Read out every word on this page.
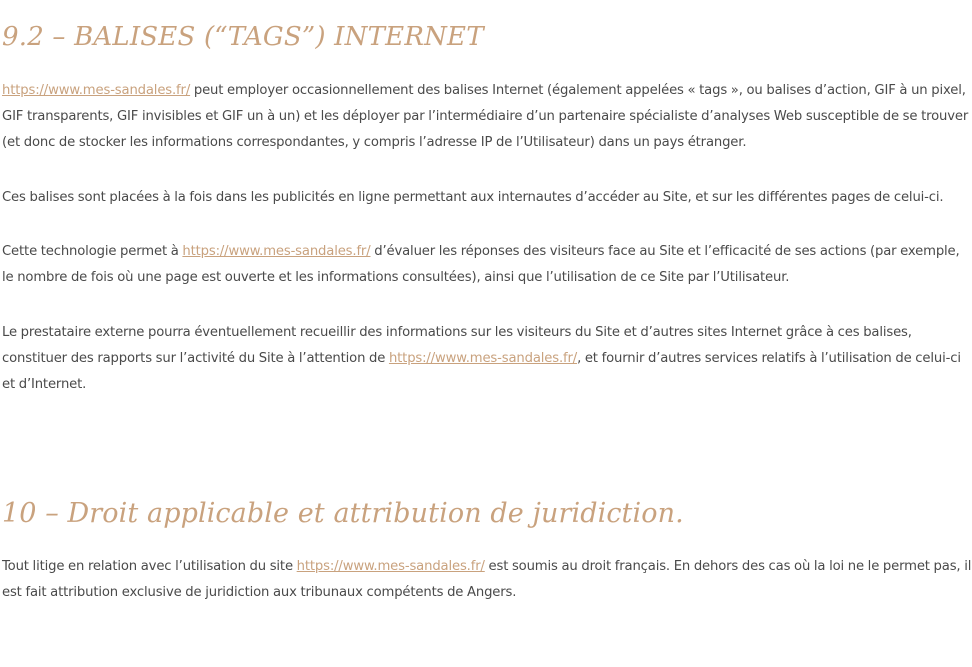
9.2 – BALISES (“TAGS”) INTERNET

https://www.mes-sandales.fr/ peut employer occasionnellement des balises Internet (également appelées « tags », ou balises d’action, GIF à un pixel, GIF transparents, GIF invisibles et GIF un à un) et les déployer par l’intermédiaire d’un partenaire spécialiste d’analyses Web susceptible de se trouver (et donc de stocker les informations correspondantes, y compris l’adresse IP de l’Utilisateur) dans un pays étranger.

Ces balises sont placées à la fois dans les publicités en ligne permettant aux internautes d’accéder au Site, et sur les différentes pages de celui-ci.

Cette technologie permet à https://www.mes-sandales.fr/ d’évaluer les réponses des visiteurs face au Site et l’efficacité de ses actions (par exemple, le nombre de fois où une page est ouverte et les informations consultées), ainsi que l’utilisation de ce Site par l’Utilisateur.

Le prestataire externe pourra éventuellement recueillir des informations sur les visiteurs du Site et d’autres sites Internet grâce à ces balises, constituer des rapports sur l’activité du Site à l’attention de https://www.mes-sandales.fr/, et fournir d’autres services relatifs à l’utilisation de celui-ci et d’Internet.

10 – Droit applicable et attribution de juridiction.

Tout litige en relation avec l’utilisation du site https://www.mes-sandales.fr/ est soumis au droit français. En dehors des cas où la loi ne le permet pas, il est fait attribution exclusive de juridiction aux tribunaux compétents de Angers.
